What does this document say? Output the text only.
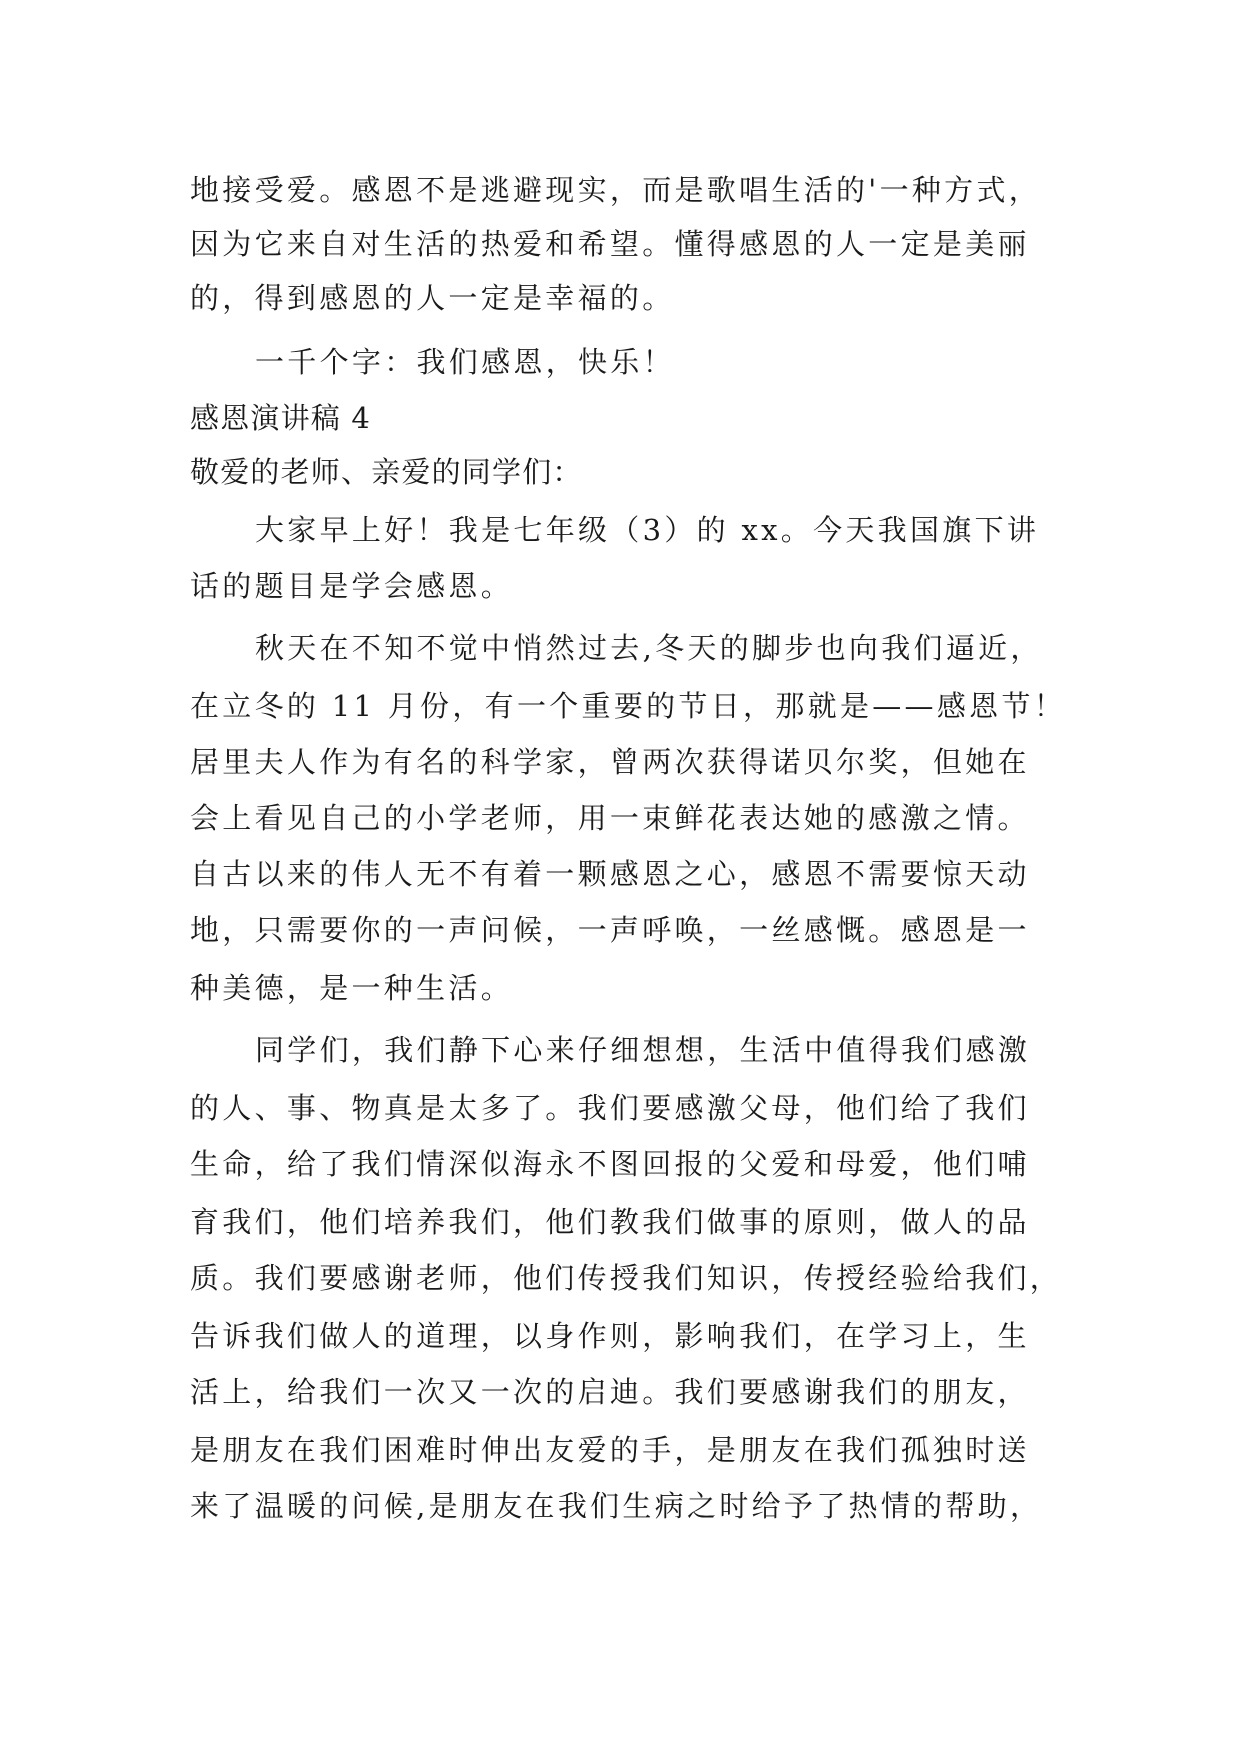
地接受爱。感恩不是逃避现实，而是歌唱生活的'一种方式，
因为它来自对生活的热爱和希望。懂得感恩的人一定是美丽
的，得到感恩的人一定是幸福的。
一千个字：我们感恩，快乐！
感恩演讲稿 4
敬爱的老师、亲爱的同学们：
大家早上好！我是七年级（3）的 xx。今天我国旗下讲
话的题目是学会感恩。
秋天在不知不觉中悄然过去,冬天的脚步也向我们逼近，
在立冬的 11 月份，有一个重要的节日，那就是——感恩节！
居里夫人作为有名的科学家，曾两次获得诺贝尔奖，但她在
会上看见自己的小学老师，用一束鲜花表达她的感激之情。
自古以来的伟人无不有着一颗感恩之心，感恩不需要惊天动
地，只需要你的一声问候，一声呼唤，一丝感慨。感恩是一
种美德，是一种生活。
同学们，我们静下心来仔细想想，生活中值得我们感激
的人、事、物真是太多了。我们要感激父母，他们给了我们
生命，给了我们情深似海永不图回报的父爱和母爱，他们哺
育我们，他们培养我们，他们教我们做事的原则，做人的品
质。我们要感谢老师，他们传授我们知识，传授经验给我们，
告诉我们做人的道理，以身作则，影响我们，在学习上，生
活上，给我们一次又一次的启迪。我们要感谢我们的朋友，
是朋友在我们困难时伸出友爱的手，是朋友在我们孤独时送
来了温暖的问候,是朋友在我们生病之时给予了热情的帮助，
